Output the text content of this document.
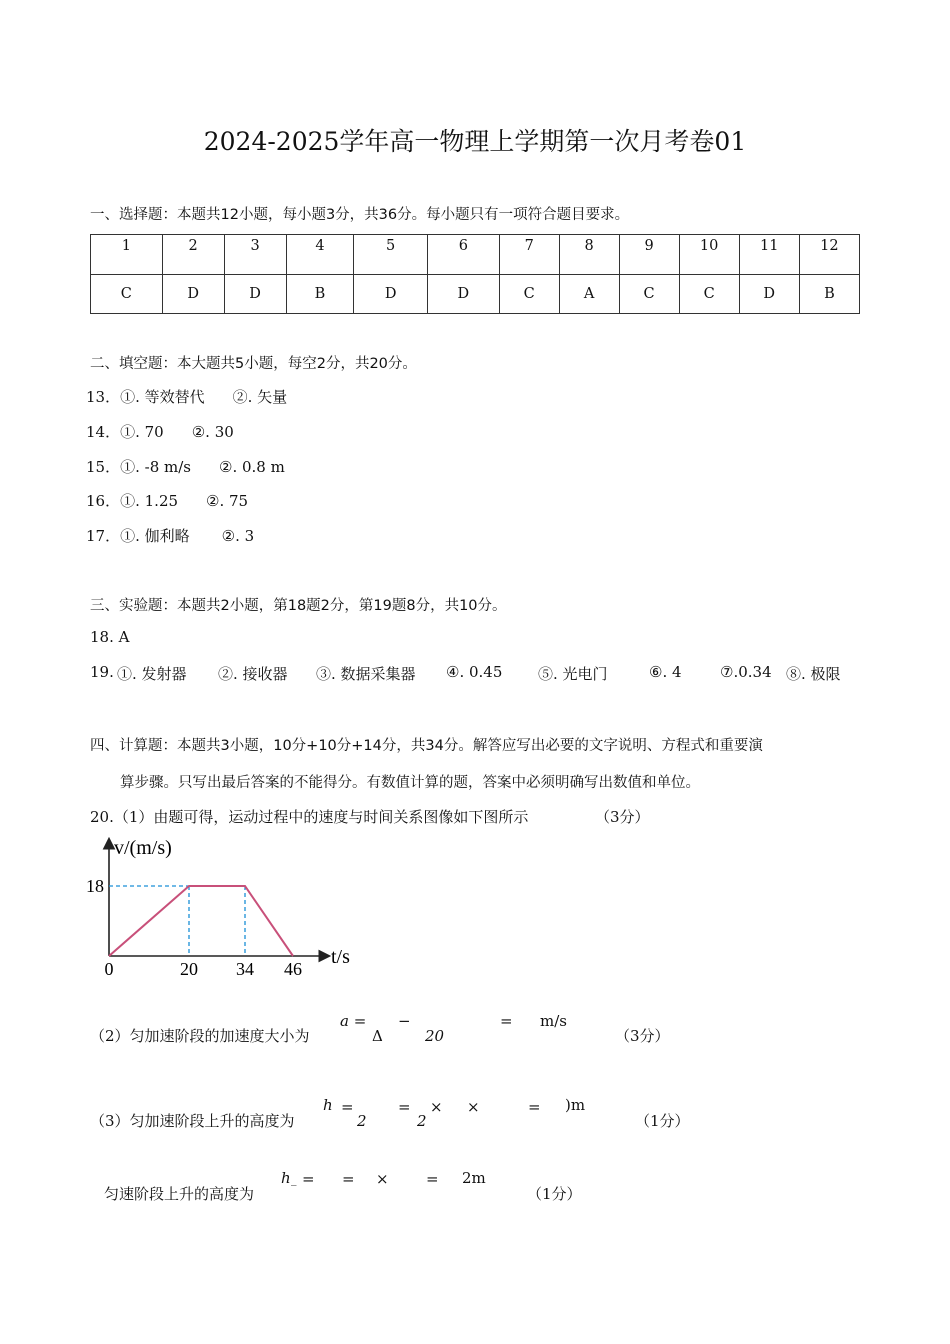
2024-2025学年高一物理上学期第一次月考卷01
一、选择题：本题共12小题，每小题3分，共36分。每小题只有一项符合题目要求。
1	2	3	4	5	6	7	8	9	10	11	12
C	D	D	B	D	D	C	A	C	C	D	B
二、填空题：本大题共5小题，每空2分，共20分。
13．①. 等效替代 ②. 矢量
14．①. 70 ②. 30
15．①. -8 m/s ②. 0.8 m
16．①. 1.25 ②. 75
17．①. 伽利略 ②. 3
三、实验题：本题共2小题，第18题2分，第19题8分，共10分。
18. A
19. ①. 发射器 ②. 接收器 ③. 数据采集器 ④. 0.45 ⑤. 光电门	⑥. 4	⑦.0.34 ⑧. 极限
四、计算题：本题共3小题，10分+10分+14分，共34分。解答应写出必要的文字说明、方程式和重要演
算步骤。只写出最后答案的不能得分。有数值计算的题，答案中必须明确写出数值和单位。
20.（1）由题可得，运动过程中的速度与时间关系图像如下图所示	（3分）
v/(m/s)
t/s
0	20 34 46
18
（2）匀加速阶段的加速度大小为
a =
Δ
−
20
= m/s
（3分）
（3）匀加速阶段上升的高度为
h =
2
=
2
× ×	= )m
（1分）
匀速阶段上升的高度为
h _ = = × = 2m
（1分）
